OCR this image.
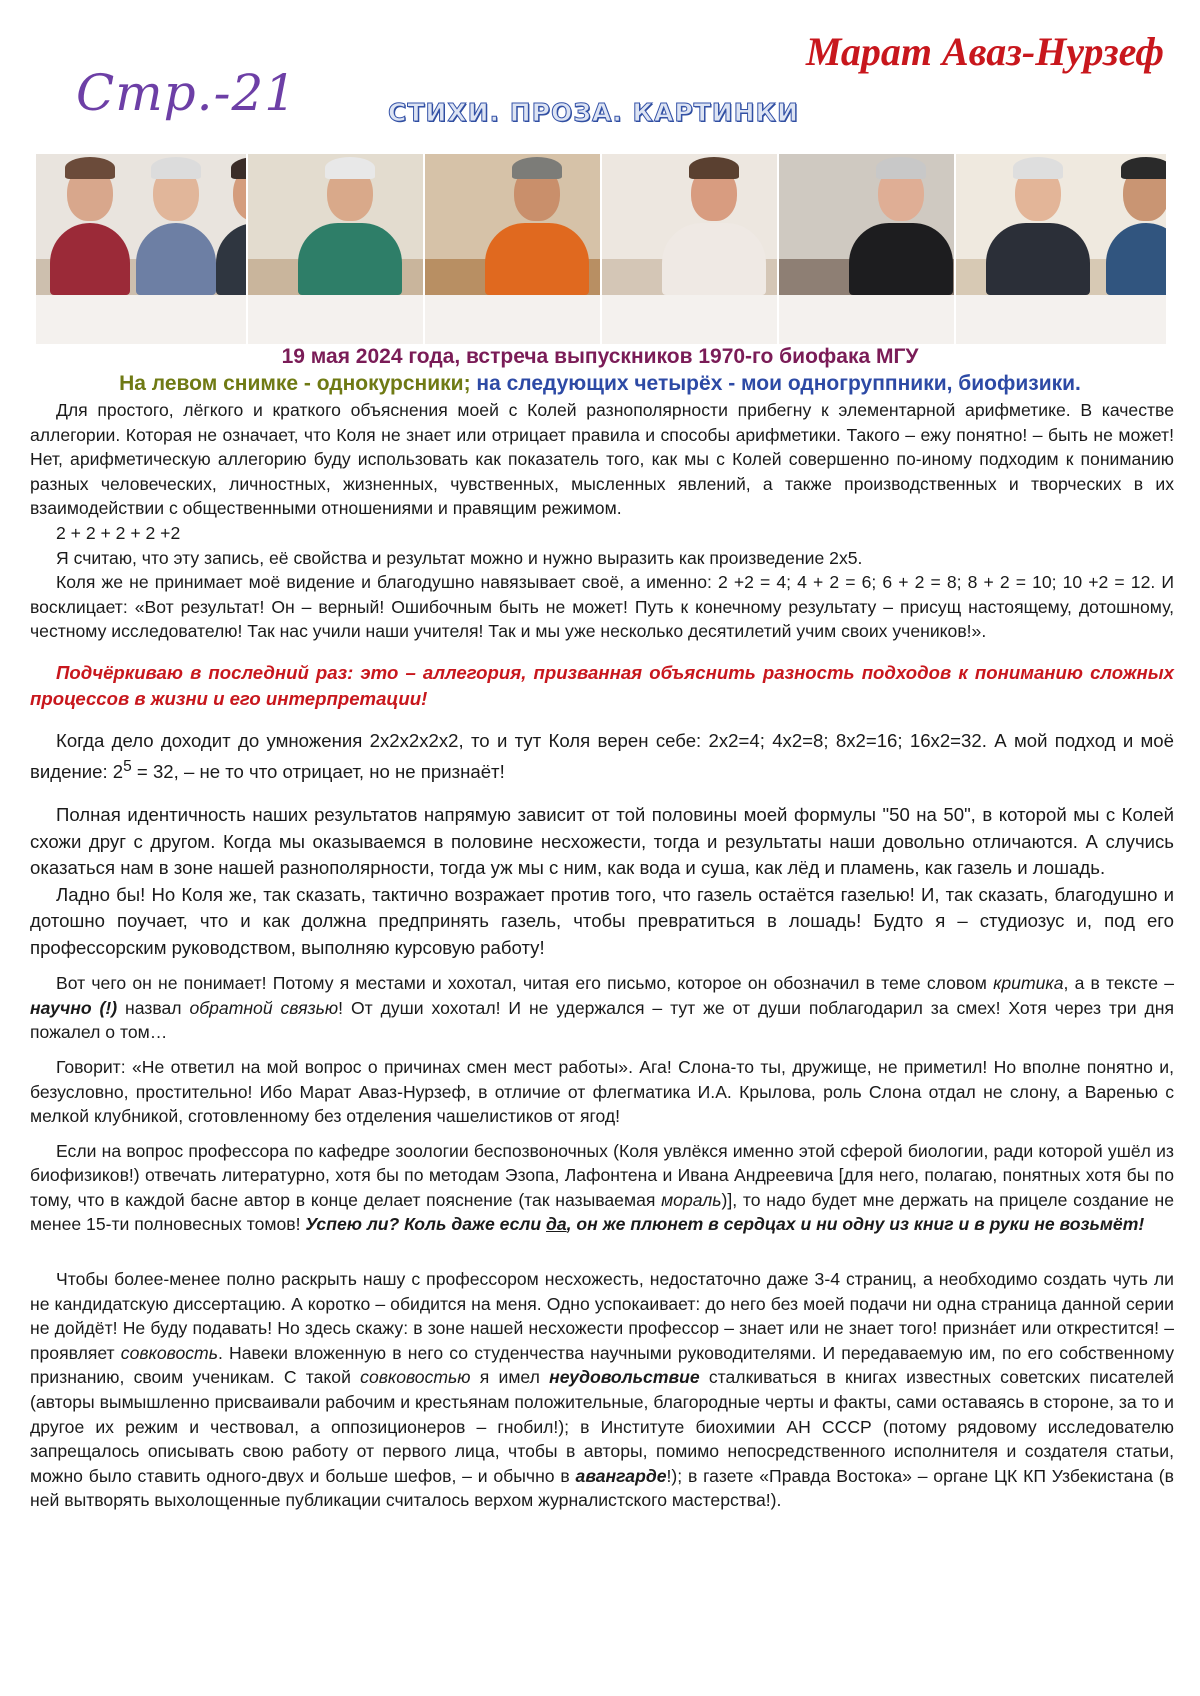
Стр.-21
Марат Аваз-Нурзеф
СТИХИ. ПРОЗА. КАРТИНКИ
19 мая 2024 года, встреча выпускников 1970-го биофака МГУ
На левом снимке - однокурсники; на следующих четырёх - мои одногруппники, биофизики.

Для простого, лёгкого и краткого объяснения моей с Колей разнополярности прибегну к элементарной арифметике. В качестве аллегории. Которая не означает, что Коля не знает или отрицает правила и способы арифметики. Такого – ежу понятно! – быть не может! Нет, арифметическую аллегорию буду использовать как показатель того, как мы с Колей совершенно по-иному подходим к пониманию разных человеческих, личностных, жизненных, чувственных, мысленных явлений, а также производственных и творческих в их взаимодействии с общественными отношениями и правящим режимом.

2 + 2 + 2 + 2 +2

Я считаю, что эту запись, её свойства и результат можно и нужно выразить как произведение 2х5.

Коля же не принимает моё видение и благодушно навязывает своё, а именно: 2 +2 = 4; 4 + 2 = 6; 6 + 2 = 8; 8 + 2 = 10; 10 +2 = 12. И восклицает: «Вот результат! Он – верный! Ошибочным быть не может! Путь к конечному результату – присущ настоящему, дотошному, честному исследователю! Так нас учили наши учителя! Так и мы уже несколько десятилетий учим своих учеников!».

Подчёркиваю в последний раз: это – аллегория, призванная объяснить разность подходов к пониманию сложных процессов в жизни и его интерпретации!

Когда дело доходит до умножения 2х2х2х2х2, то и тут Коля верен себе: 2х2=4; 4х2=8; 8х2=16; 16х2=32. А мой подход и моё видение: $2^5 = 32$, – не то что отрицает, но не признаёт!

Полная идентичность наших результатов напрямую зависит от той половины моей формулы "50 на 50", в которой мы с Колей схожи друг с другом. Когда мы оказываемся в половине несхожести, тогда и результаты наши довольно отличаются. А случись оказаться нам в зоне нашей разнополярности, тогда уж мы с ним, как вода и суша, как лёд и пламень, как газель и лошадь.

Ладно бы! Но Коля же, так сказать, тактично возражает против того, что газель остаётся газелью! И, так сказать, благодушно и дотошно поучает, что и как должна предпринять газель, чтобы превратиться в лошадь! Будто я – студиозус и, под его профессорским руководством, выполняю курсовую работу!

Вот чего он не понимает! Потому я местами и хохотал, читая его письмо, которое он обозначил в теме словом критика, а в тексте – научно (!) назвал обратной связью! От души хохотал! И не удержался – тут же от души поблагодарил за смех! Хотя через три дня пожалел о том…

Говорит: «Не ответил на мой вопрос о причинах смен мест работы». Ага! Слона-то ты, дружище, не приметил! Но вполне понятно и, безусловно, простительно! Ибо Марат Аваз-Нурзеф, в отличие от флегматика И.А. Крылова, роль Слона отдал не слону, а Варенью с мелкой клубникой, сготовленному без отделения чашелистиков от ягод!

Если на вопрос профессора по кафедре зоологии беспозвоночных (Коля увлёкся именно этой сферой биологии, ради которой ушёл из биофизиков!) отвечать литературно, хотя бы по методам Эзопа, Лафонтена и Ивана Андреевича [для него, полагаю, понятных хотя бы по тому, что в каждой басне автор в конце делает пояснение (так называемая мораль)], то надо будет мне держать на прицеле создание не менее 15-ти полновесных томов! Успею ли? Коль даже если да, он же плюнет в сердцах и ни одну из книг и в руки не возьмёт!

Чтобы более-менее полно раскрыть нашу с профессором несхожесть, недостаточно даже 3-4 страниц, а необходимо создать чуть ли не кандидатскую диссертацию. А коротко – обидится на меня. Одно успокаивает: до него без моей подачи ни одна страница данной серии не дойдёт! Не буду подавать! Но здесь скажу: в зоне нашей несхожести профессор – знает или не знает того! признáет или открестится! – проявляет совковость. Навеки вложенную в него со студенчества научными руководителями. И передаваемую им, по его собственному признанию, своим ученикам. С такой совковостью я имел неудовольствие сталкиваться в книгах известных советских писателей (авторы вымышленно присваивали рабочим и крестьянам положительные, благородные черты и факты, сами оставаясь в стороне, за то и другое их режим и чествовал, а оппозиционеров – гнобил!); в Институте биохимии АН СССР (потому рядовому исследователю запрещалось описывать свою работу от первого лица, чтобы в авторы, помимо непосредственного исполнителя и создателя статьи, можно было ставить одного-двух и больше шефов, – и обычно в авангарде!); в газете «Правда Востока» – органе ЦК КП Узбекистана (в ней вытворять выхолощенные публикации считалось верхом журналистского мастерства!).
